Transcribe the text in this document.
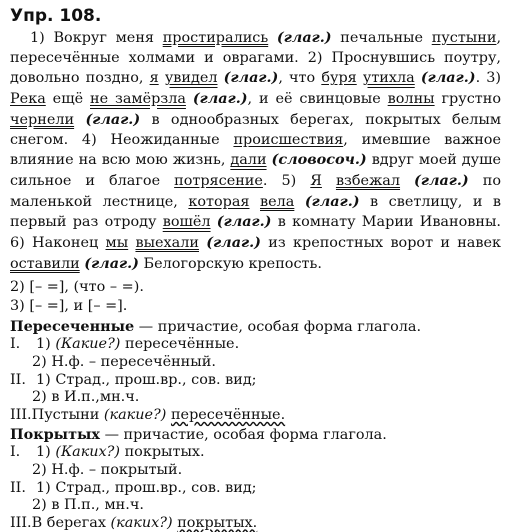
Упр. 108.

1) Вокруг меня простирались (глаг.) печальные пустыни, пересечённые холмами и оврагами. 2) Проснувшись поутру, довольно поздно, я увидел (глаг.), что буря утихла (глаг.). 3) Река ещё не замёрзла (глаг.), и её свинцовые волны грустно чернели (глаг.) в однообразных берегах, покрытых белым снегом. 4) Неожиданные происшествия, имевшие важное влияние на всю мою жизнь, дали (словосоч.) вдруг моей душе сильное и благое потрясение. 5) Я взбежал (глаг.) по маленькой лестнице, которая вела (глаг.) в светлицу, и в первый раз отроду вошёл (глаг.) в комнату Марии Ивановны. 6) Наконец мы выехали (глаг.) из крепостных ворот и навек оставили (глаг.) Белогорскую крепость.

2) [– =], (что – =).
3) [– =], и [– =].
Пересеченные — причастие, особая форма глагола.
I. 1) (Какие?) пересечённые.
2) Н.ф. – пересечённый.
II. 1) Страд., прош.вр., сов. вид;
2) в И.п.,мн.ч.
III.Пустыни (какие?) пересечённые.
Покрытых — причастие, особая форма глагола.
I. 1) (Каких?) покрытых.
2) Н.ф. – покрытый.
II. 1) Страд., прош.вр., сов. вид;
2) в П.п., мн.ч.
III.В берегах (каких?) покрытых.
